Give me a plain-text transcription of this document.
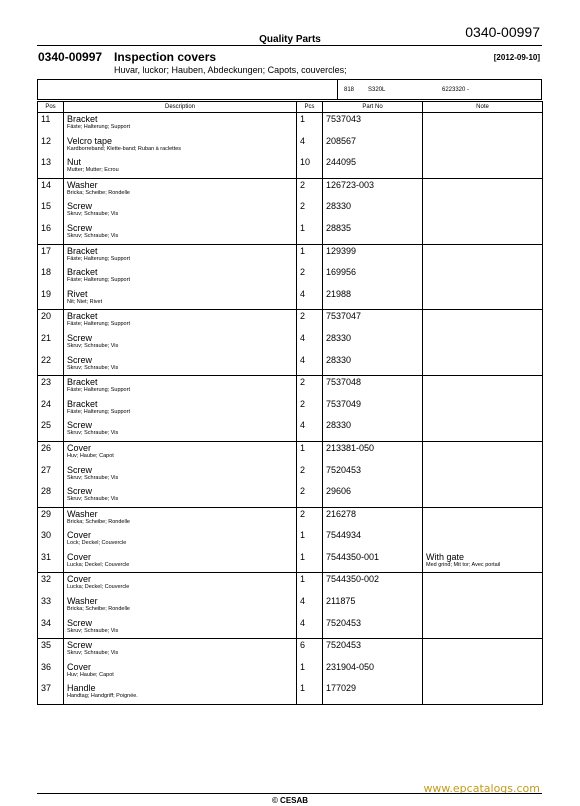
Quality Parts	0340-00997
0340-00997 Inspection covers
Huvar, luckor; Hauben, Abdeckungen; Capots, couvercles;
[2012-09-10]
818 S320L	6223320 -
Pos	Description	Pcs	Part No	Note

11	Bracket
Fäste; Halterung; Support	1	7537043	

12	Velcro tape
Kardborreband; Klette-band; Ruban à raclettes	4	208567	

13	Nut
Mutter; Mutter; Ecrou	10	244095	

14	Washer
Bricka; Scheibe; Rondelle	2	126723-003	

15	Screw
Skruv; Schraube; Vis	2	28330	

16	Screw
Skruv; Schraube; Vis	1	28835	

17	Bracket
Fäste; Halterung; Support	1	129399	

18	Bracket
Fäste; Halterung; Support	2	169956	

19	Rivet
Nit; Niet; Rivet	4	21988	

20	Bracket
Fäste; Halterung; Support	2	7537047	

21	Screw
Skruv; Schraube; Vis	4	28330	

22	Screw
Skruv; Schraube; Vis	4	28330	

23	Bracket
Fäste; Halterung; Support	2	7537048	

24	Bracket
Fäste; Halterung; Support	2	7537049	

25	Screw
Skruv; Schraube; Vis	4	28330	

26	Cover
Huv; Haube; Capot	1	213381-050	

27	Screw
Skruv; Schraube; Vis	2	7520453	

28	Screw
Skruv; Schraube; Vis	2	29606	

29	Washer
Bricka; Scheibe; Rondelle	2	216278	

30	Cover
Lock; Deckel; Couvercle	1	7544934	

31	Cover
Lucka; Deckel; Couvercle	1	7544350-001	With gate
Med grind; Mit tor; Avec portail

32	Cover
Lucka; Deckel; Couvercle	1	7544350-002	

33	Washer
Bricka; Scheibe; Rondelle	4	211875	

34	Screw
Skruv; Schraube; Vis	4	7520453	

35	Screw
Skruv; Schraube; Vis	6	7520453	

36	Cover
Huv; Haube; Capot	1	231904-050	

37	Handle
Handtag; Handgriff; Poignée.	1	177029	

www.epcatalogs.com
© CESAB
